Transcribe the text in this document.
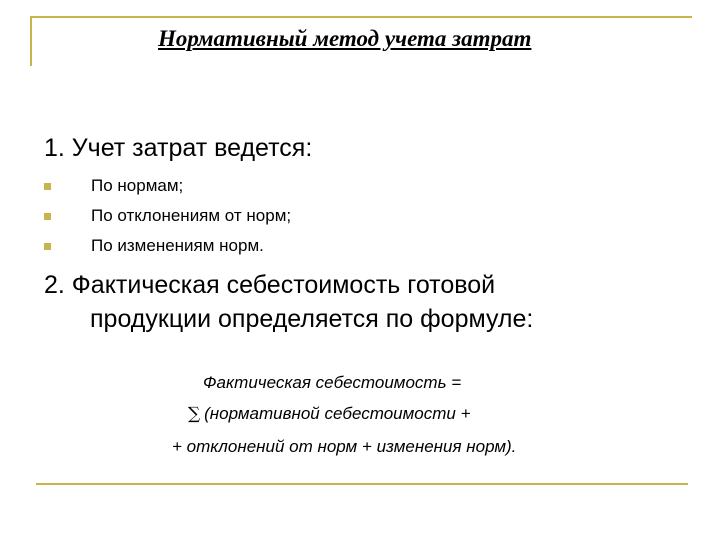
Нормативный метод учета затрат
1. Учет затрат ведется:
По нормам;
По отклонениям от норм;
По изменениям норм.
2. Фактическая себестоимость готовой
продукции определяется по формуле:
Фактическая себестоимость =
∑ (нормативной себестоимости +
+ отклонений от норм + изменения норм).
